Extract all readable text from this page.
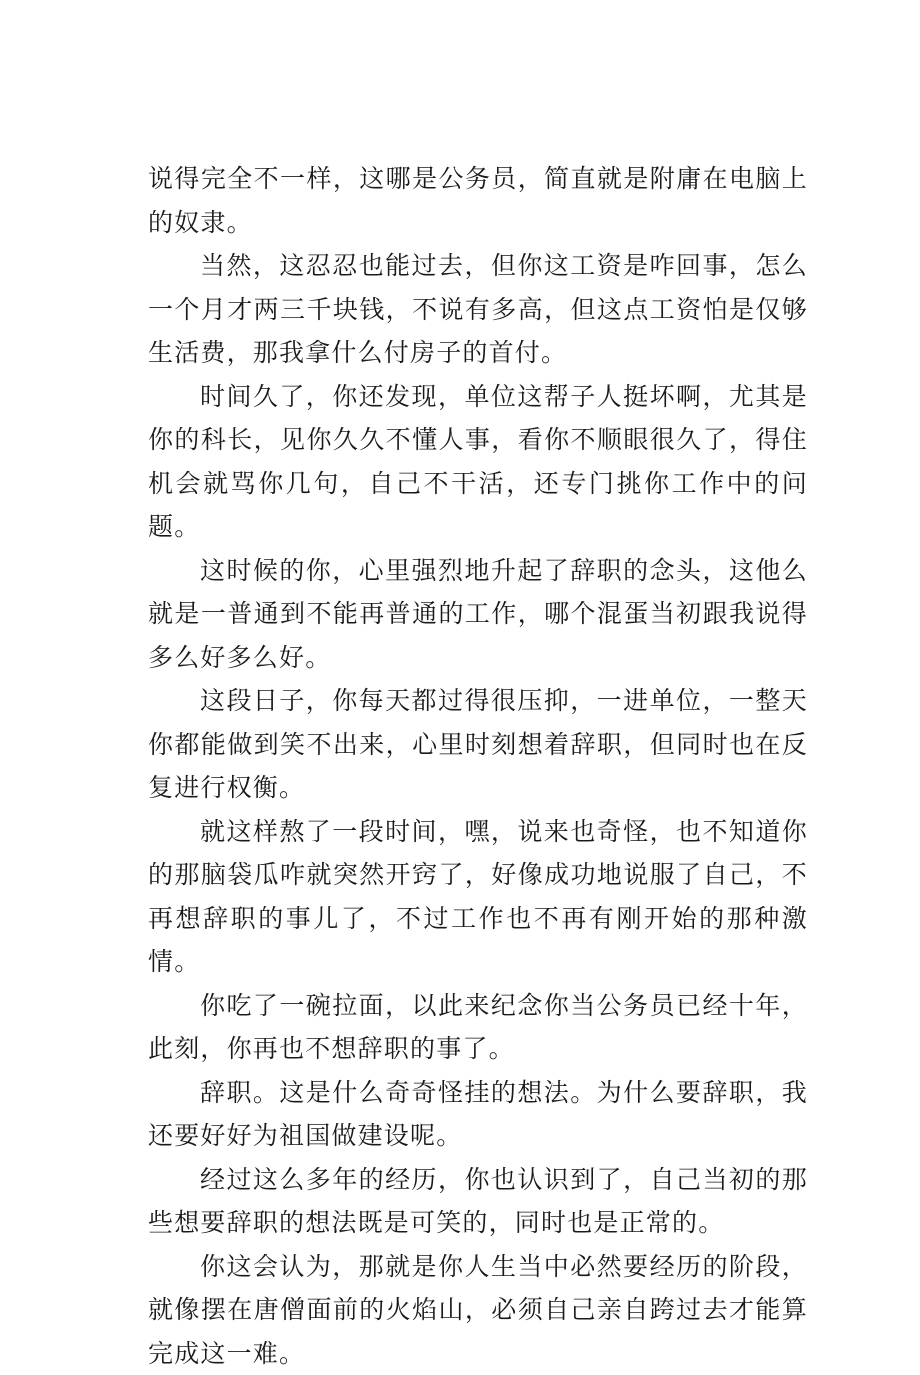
说得完全不一样，这哪是公务员，简直就是附庸在电脑上的奴隶。

当然，这忍忍也能过去，但你这工资是咋回事，怎么一个月才两三千块钱，不说有多高，但这点工资怕是仅够生活费，那我拿什么付房子的首付。

时间久了，你还发现，单位这帮子人挺坏啊，尤其是你的科长，见你久久不懂人事，看你不顺眼很久了，得住机会就骂你几句，自己不干活，还专门挑你工作中的问题。

这时候的你，心里强烈地升起了辞职的念头，这他么就是一普通到不能再普通的工作，哪个混蛋当初跟我说得多么好多么好。

这段日子，你每天都过得很压抑，一进单位，一整天你都能做到笑不出来，心里时刻想着辞职，但同时也在反复进行权衡。

就这样熬了一段时间，嘿，说来也奇怪，也不知道你的那脑袋瓜咋就突然开窍了，好像成功地说服了自己，不再想辞职的事儿了，不过工作也不再有刚开始的那种激情。

你吃了一碗拉面，以此来纪念你当公务员已经十年，此刻，你再也不想辞职的事了。

辞职。这是什么奇奇怪挂的想法。为什么要辞职，我还要好好为祖国做建设呢。

经过这么多年的经历，你也认识到了，自己当初的那些想要辞职的想法既是可笑的，同时也是正常的。

你这会认为，那就是你人生当中必然要经历的阶段，就像摆在唐僧面前的火焰山，必须自己亲自跨过去才能算完成这一难。
